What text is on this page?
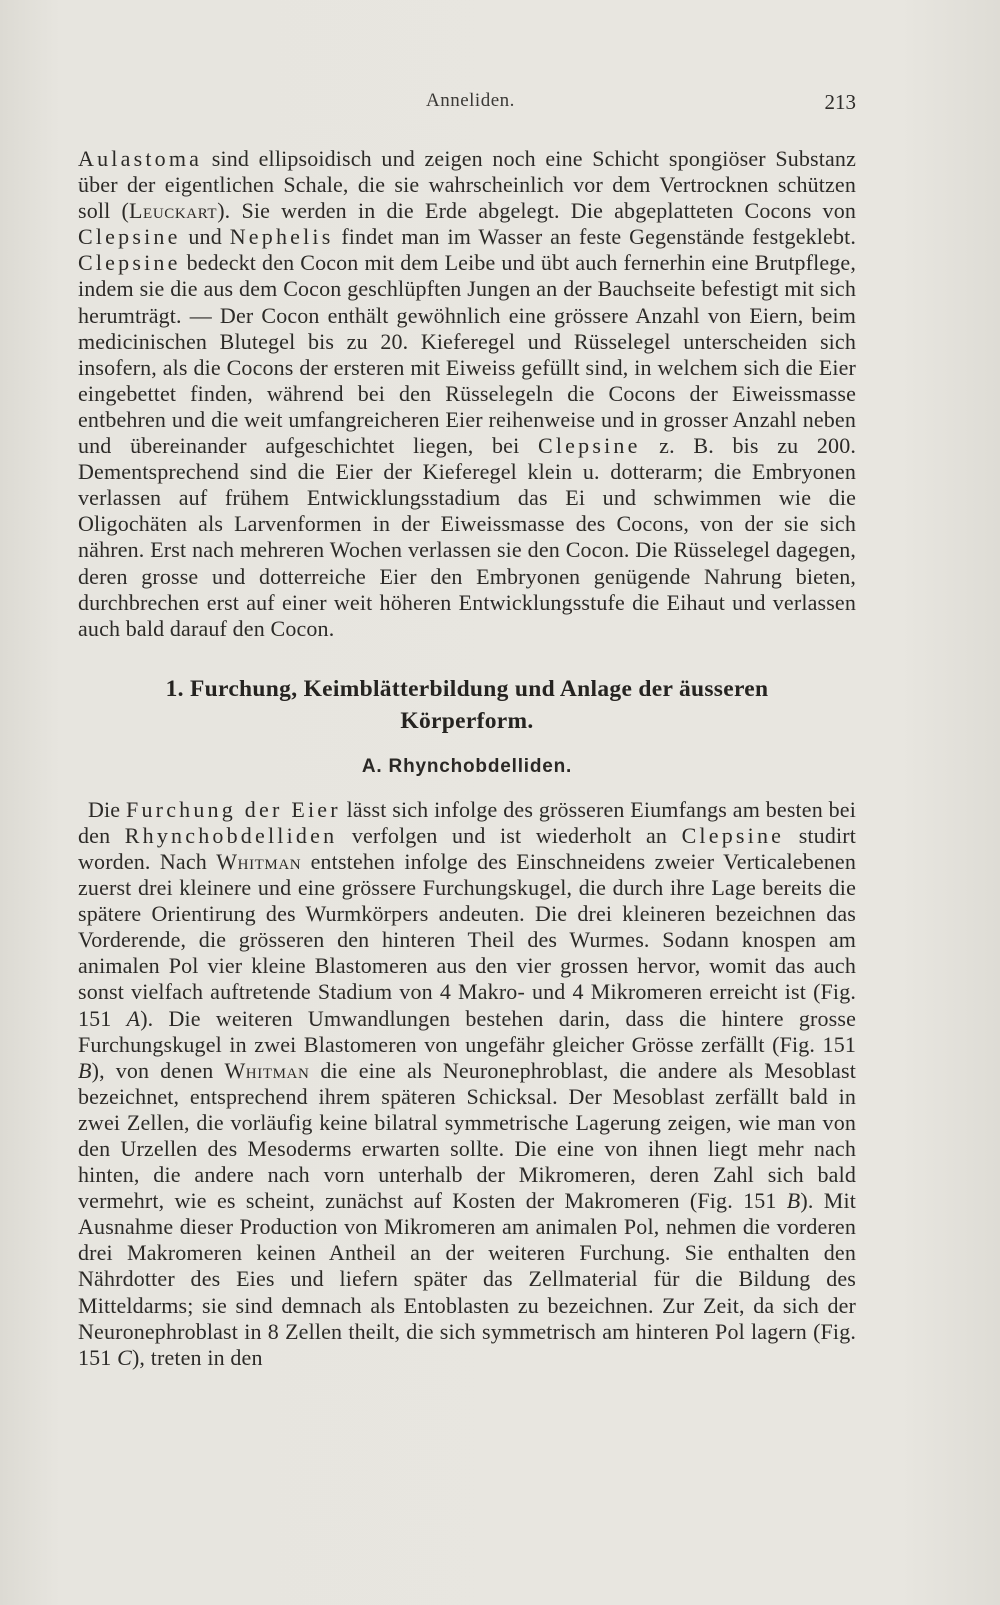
Anneliden.	213
Aulastoma sind ellipsoidisch und zeigen noch eine Schicht spongiöser Substanz über der eigentlichen Schale, die sie wahrscheinlich vor dem Vertrocknen schützen soll (Leuckart). Sie werden in die Erde abgelegt. Die abgeplatteten Cocons von Clepsine und Nephelis findet man im Wasser an feste Gegenstände festgeklebt. Clepsine bedeckt den Cocon mit dem Leibe und übt auch fernerhin eine Brutpflege, indem sie die aus dem Cocon geschlüpften Jungen an der Bauchseite befestigt mit sich herumträgt. — Der Cocon enthält gewöhnlich eine grössere Anzahl von Eiern, beim medicinischen Blutegel bis zu 20. Kieferegel und Rüsselegel unterscheiden sich insofern, als die Cocons der ersteren mit Eiweiss gefüllt sind, in welchem sich die Eier eingebettet finden, während bei den Rüsselegeln die Cocons der Eiweissmasse entbehren und die weit umfangreicheren Eier reihenweise und in grosser Anzahl neben und übereinander aufgeschichtet liegen, bei Clepsine z. B. bis zu 200. Dementsprechend sind die Eier der Kieferegel klein u. dotterarm; die Embryonen verlassen auf frühem Entwicklungsstadium das Ei und schwimmen wie die Oligochäten als Larvenformen in der Eiweissmasse des Cocons, von der sie sich nähren. Erst nach mehreren Wochen verlassen sie den Cocon. Die Rüsselegel dagegen, deren grosse und dotterreiche Eier den Embryonen genügende Nahrung bieten, durchbrechen erst auf einer weit höheren Entwicklungsstufe die Eihaut und verlassen auch bald darauf den Cocon.
1. Furchung, Keimblätterbildung und Anlage der äusseren
Körperform.
A. Rhynchobdelliden.
Die Furchung der Eier lässt sich infolge des grösseren Eiumfangs am besten bei den Rhynchobdelliden verfolgen und ist wiederholt an Clepsine studirt worden. Nach Whitman entstehen infolge des Einschneidens zweier Verticalebenen zuerst drei kleinere und eine grössere Furchungskugel, die durch ihre Lage bereits die spätere Orientirung des Wurmkörpers andeuten. Die drei kleineren bezeichnen das Vorderende, die grösseren den hinteren Theil des Wurmes. Sodann knospen am animalen Pol vier kleine Blastomeren aus den vier grossen hervor, womit das auch sonst vielfach auftretende Stadium von 4 Makro- und 4 Mikromeren erreicht ist (Fig. 151 A). Die weiteren Umwandlungen bestehen darin, dass die hintere grosse Furchungskugel in zwei Blastomeren von ungefähr gleicher Grösse zerfällt (Fig. 151 B), von denen Whitman die eine als Neuronephroblast, die andere als Mesoblast bezeichnet, entsprechend ihrem späteren Schicksal. Der Mesoblast zerfällt bald in zwei Zellen, die vorläufig keine bilatral symmetrische Lagerung zeigen, wie man von den Urzellen des Mesoderms erwarten sollte. Die eine von ihnen liegt mehr nach hinten, die andere nach vorn unterhalb der Mikromeren, deren Zahl sich bald vermehrt, wie es scheint, zunächst auf Kosten der Makromeren (Fig. 151 B). Mit Ausnahme dieser Production von Mikromeren am animalen Pol, nehmen die vorderen drei Makromeren keinen Antheil an der weiteren Furchung. Sie enthalten den Nährdotter des Eies und liefern später das Zellmaterial für die Bildung des Mitteldarms; sie sind demnach als Entoblasten zu bezeichnen. Zur Zeit, da sich der Neuronephroblast in 8 Zellen theilt, die sich symmetrisch am hinteren Pol lagern (Fig. 151 C), treten in den
